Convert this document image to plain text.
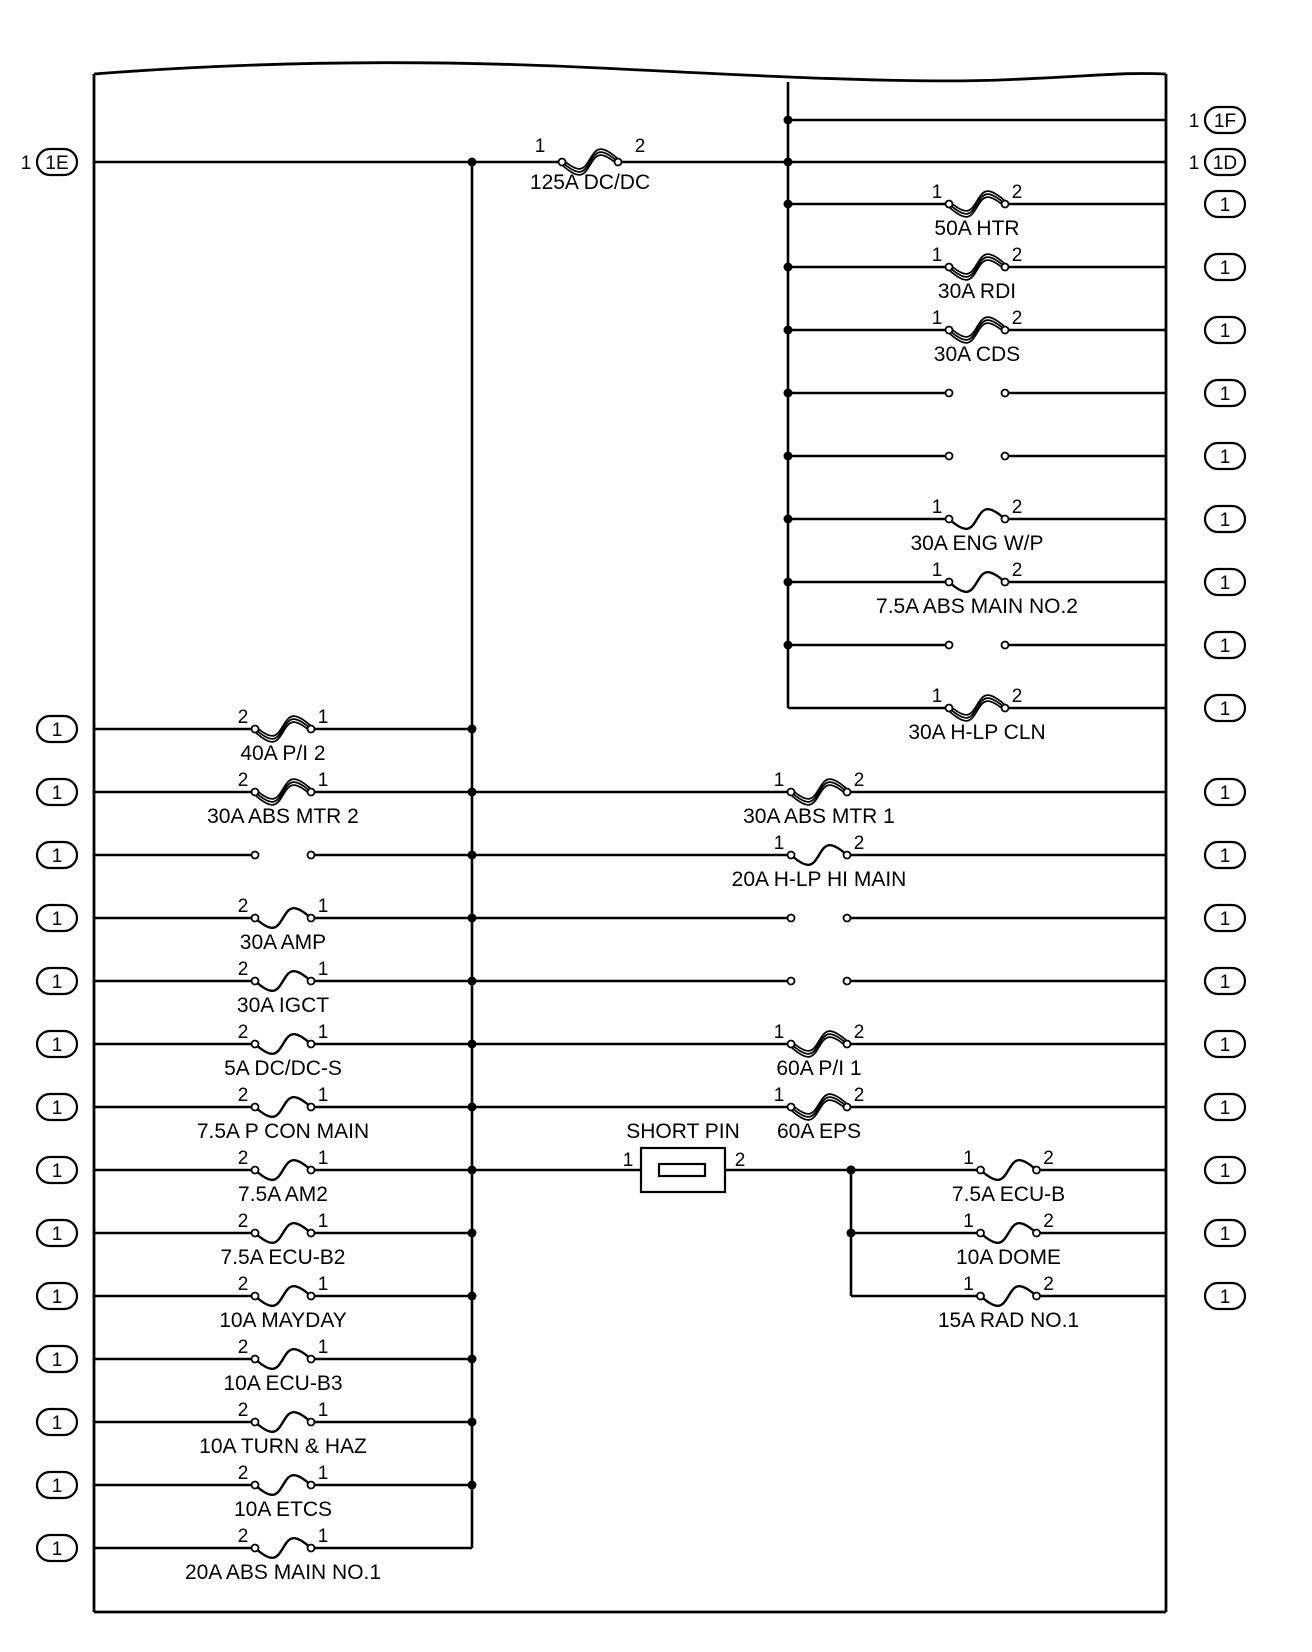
1E
1
1	2
125A DC/DC
1F
1
1D
1
1	2
50A HTR
1
1	2
30A RDI
1
1	2
30A CDS
1
1
1
1	2
30A ENG W/P
1
1	2
7.5A ABS MAIN NO.2
1
1
1	2
30A H-LP CLN
1
1
2	1
40A P/I 2
1
2	1
30A ABS MTR 2
1
1	2
30A ABS MTR 1
1	1
1	2
20A H-LP HI MAIN
1
2	1
30A AMP
1
1
2	1
30A IGCT
1
1
2	1
5A DC/DC-S
1
1	2
60A P/I 1
1
2	1
7.5A P CON MAIN
1
1	2
60A EPS
1
2	1
7.5A AM2
1
1	2
7.5A ECU-B
1
2	1
7.5A ECU-B2
1
1	2
10A DOME
1
2	1
10A MAYDAY
1
1	2
15A RAD NO.1
1
2	1
10A ECU-B3
1
2	1
10A TURN & HAZ
1
2	1
10A ETCS
1
2	1
20A ABS MAIN NO.1
SHORT PIN
1	2
